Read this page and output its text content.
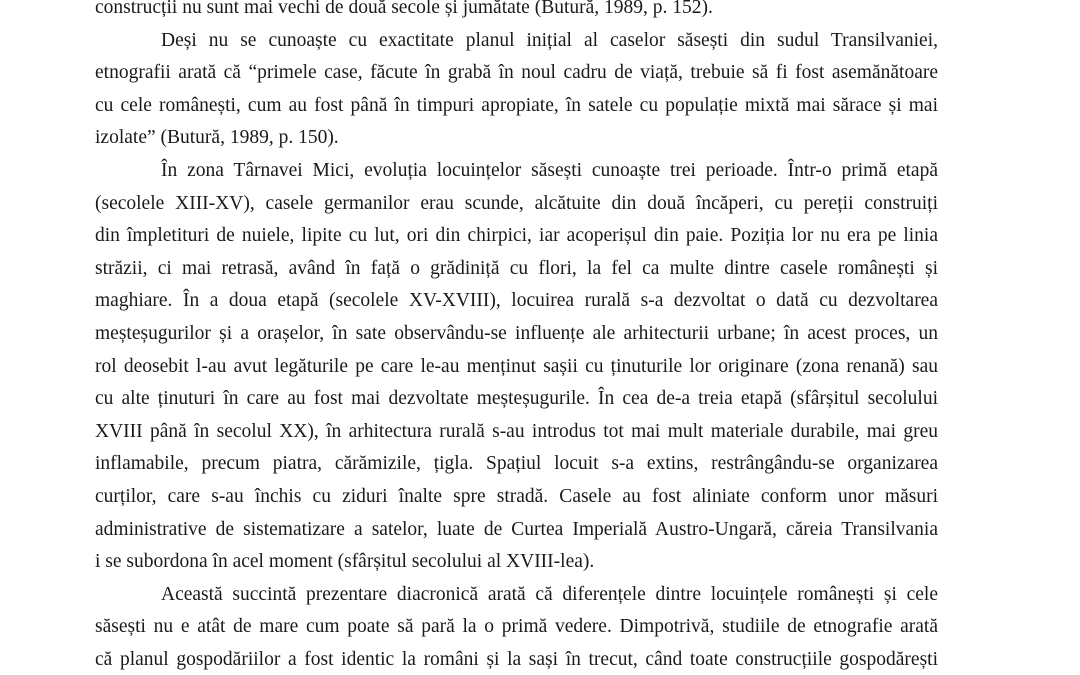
construcții nu sunt mai vechi de două secole și jumătate (Butură, 1989, p. 152).
Deși nu se cunoaște cu exactitate planul inițial al caselor săsești din sudul Transilvaniei,
etnografii arată că “primele case, făcute în grabă în noul cadru de viață, trebuie să fi fost asemănătoare
cu cele românești, cum au fost până în timpuri apropiate, în satele cu populație mixtă mai sărace și mai
izolate” (Butură, 1989, p. 150).
În zona Târnavei Mici, evoluția locuințelor săsești cunoaște trei perioade. Într-o primă etapă
(secolele XIII-XV), casele germanilor erau scunde, alcătuite din două încăperi, cu pereții construiți
din împletituri de nuiele, lipite cu lut, ori din chirpici, iar acoperișul din paie. Poziția lor nu era pe linia
străzii, ci mai retrasă, având în față o grădiniță cu flori, la fel ca multe dintre casele românești și
maghiare. În a doua etapă (secolele XV-XVIII), locuirea rurală s-a dezvoltat o dată cu dezvoltarea
meșteșugurilor și a orașelor, în sate observându-se influențe ale arhitecturii urbane; în acest proces, un
rol deosebit l-au avut legăturile pe care le-au menținut sașii cu ținuturile lor originare (zona renană) sau
cu alte ținuturi în care au fost mai dezvoltate meșteșugurile. În cea de-a treia etapă (sfârșitul secolului
XVIII până în secolul XX), în arhitectura rurală s-au introdus tot mai mult materiale durabile, mai greu
inflamabile, precum piatra, cărămizile, țigla. Spațiul locuit s-a extins, restrângându-se organizarea
curților, care s-au închis cu ziduri înalte spre stradă. Casele au fost aliniate conform unor măsuri
administrative de sistematizare a satelor, luate de Curtea Imperială Austro-Ungară, căreia Transilvania
i se subordona în acel moment (sfârșitul secolului al XVIII-lea).
Această succintă prezentare diacronică arată că diferențele dintre locuințele românești și cele
săsești nu e atât de mare cum poate să pară la o primă vedere. Dimpotrivă, studiile de etnografie arată
că planul gospodăriilor a fost identic la români și la sași în trecut, când toate construcțiile gospodărești
